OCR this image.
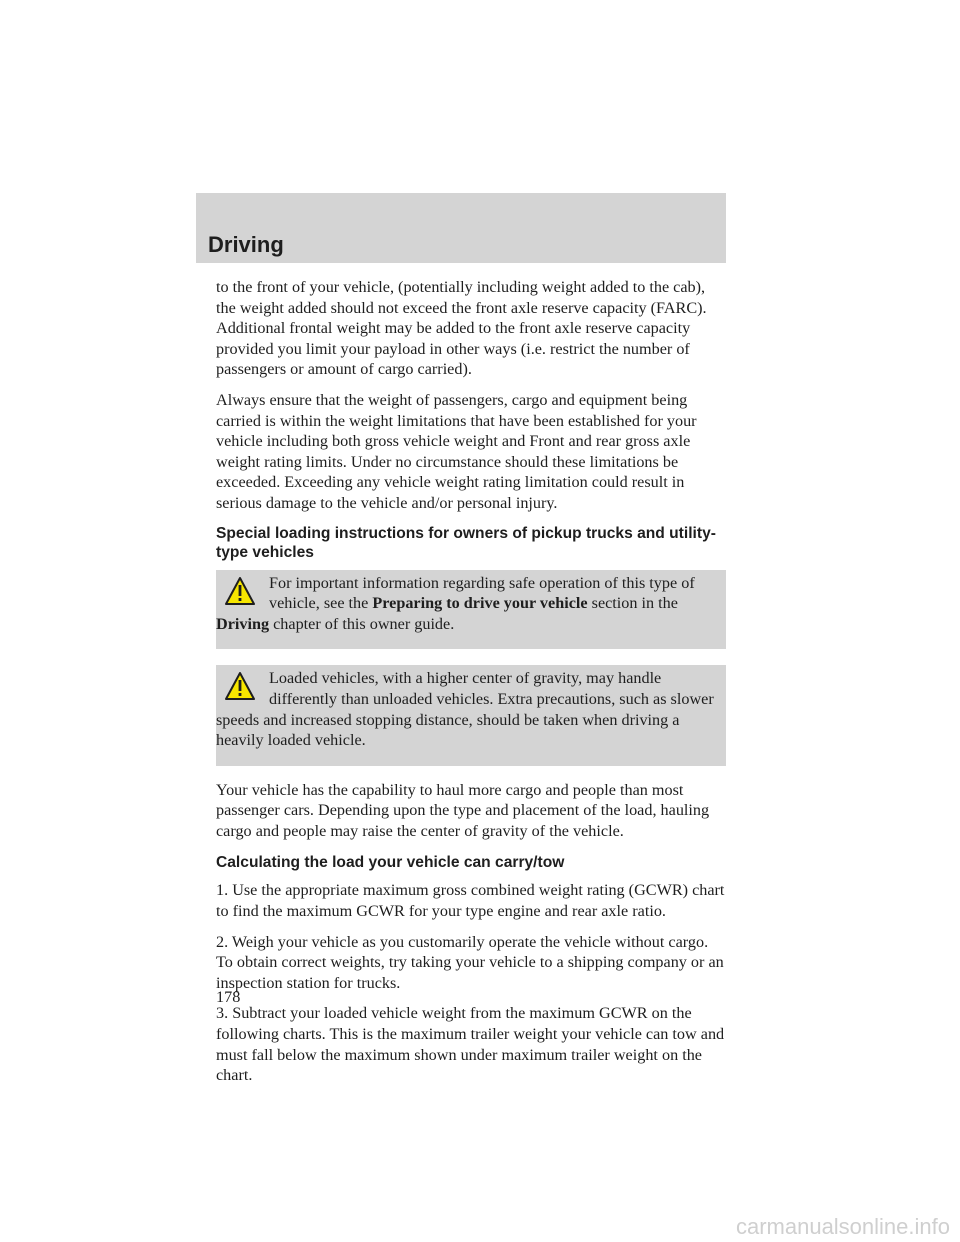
Driving

to the front of your vehicle, (potentially including weight added to the cab), the weight added should not exceed the front axle reserve capacity (FARC). Additional frontal weight may be added to the front axle reserve capacity provided you limit your payload in other ways (i.e. restrict the number of passengers or amount of cargo carried).

Always ensure that the weight of passengers, cargo and equipment being carried is within the weight limitations that have been established for your vehicle including both gross vehicle weight and Front and rear gross axle weight rating limits. Under no circumstance should these limitations be exceeded. Exceeding any vehicle weight rating limitation could result in serious damage to the vehicle and/or personal injury.

Special loading instructions for owners of pickup trucks and utility-type vehicles

For important information regarding safe operation of this type of vehicle, see the Preparing to drive your vehicle section in the Driving chapter of this owner guide.

Loaded vehicles, with a higher center of gravity, may handle differently than unloaded vehicles. Extra precautions, such as slower speeds and increased stopping distance, should be taken when driving a heavily loaded vehicle.

Your vehicle has the capability to haul more cargo and people than most passenger cars. Depending upon the type and placement of the load, hauling cargo and people may raise the center of gravity of the vehicle.

Calculating the load your vehicle can carry/tow

1. Use the appropriate maximum gross combined weight rating (GCWR) chart to find the maximum GCWR for your type engine and rear axle ratio.

2. Weigh your vehicle as you customarily operate the vehicle without cargo. To obtain correct weights, try taking your vehicle to a shipping company or an inspection station for trucks.

3. Subtract your loaded vehicle weight from the maximum GCWR on the following charts. This is the maximum trailer weight your vehicle can tow and must fall below the maximum shown under maximum trailer weight on the chart.

178

carmanualsonline.info
